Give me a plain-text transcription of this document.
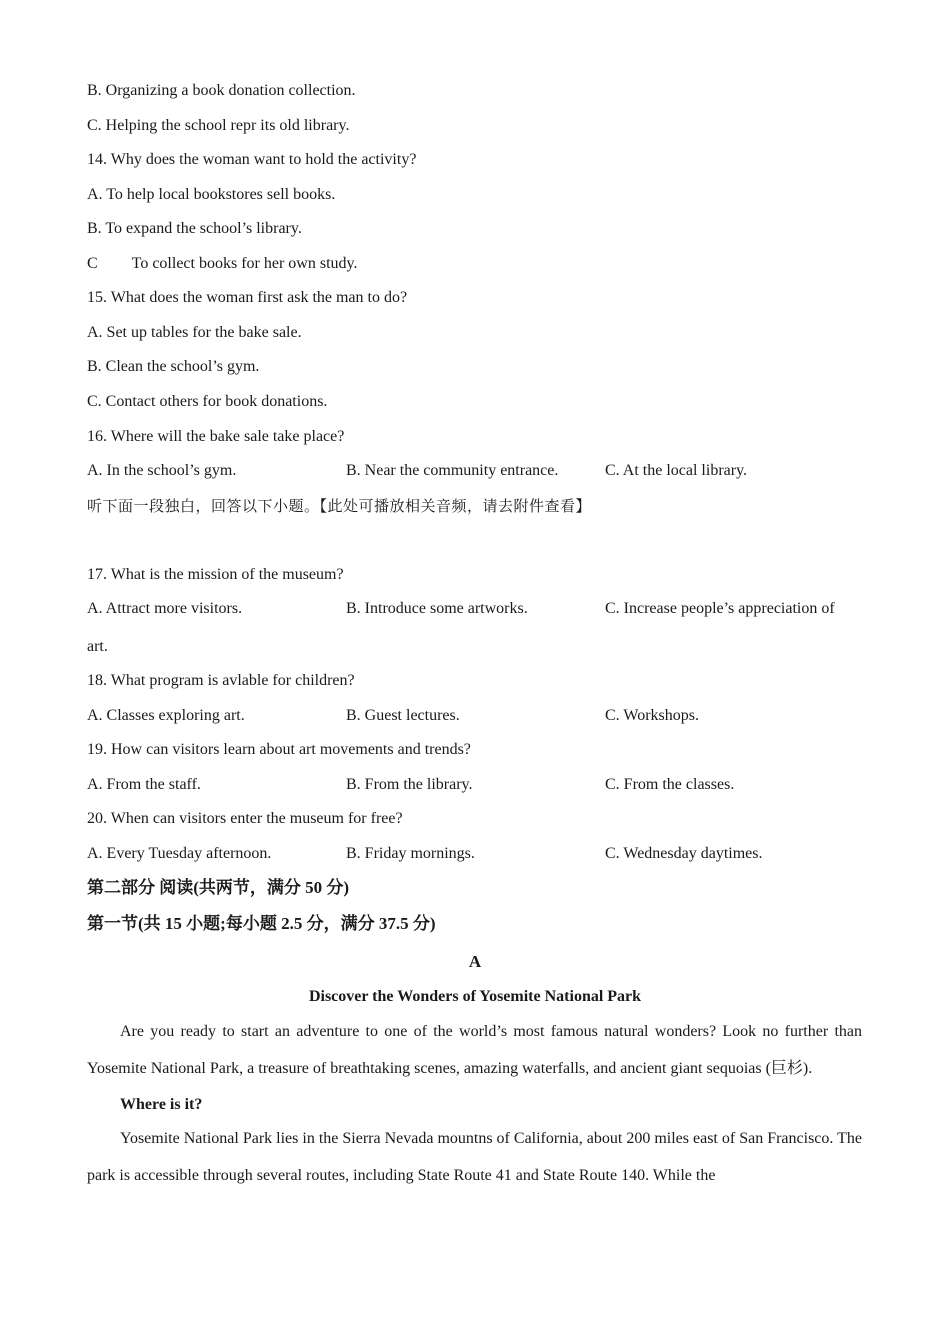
B. Organizing a book donation collection.

C. Helping the school repr its old library.

14. Why does the woman want to hold the activity?

A. To help local bookstores sell books.

B. To expand the school’s library.

C To collect books for her own study.

15. What does the woman first ask the man to do?

A. Set up tables for the bake sale.

B. Clean the school’s gym.

C. Contact others for book donations.

16. Where will the bake sale take place?

A. In the school’s gym.	B. Near the community entrance.	C. At the local library.

听下面一段独白，回答以下小题。【此处可播放相关音频，请去附件查看】

17. What is the mission of the museum?

A. Attract more visitors.	B. Introduce some artworks.	C. Increase people’s appreciation of

art.

18. What program is avlable for children?

A. Classes exploring art.	B. Guest lectures.	C. Workshops.

19. How can visitors learn about art movements and trends?

A. From the staff.	B. From the library.	C. From the classes.

20. When can visitors enter the museum for free?

A. Every Tuesday afternoon.	B. Friday mornings.	C. Wednesday daytimes.

第二部分 阅读(共两节，满分 50 分)

第一节(共 15 小题;每小题 2.5 分，满分 37.5 分)

A

Discover the Wonders of Yosemite National Park

Are you ready to start an adventure to one of the world’s most famous natural wonders? Look no further than Yosemite National Park, a treasure of breathtaking scenes, amazing waterfalls, and ancient giant sequoias (巨杉).

Where is it?

Yosemite National Park lies in the Sierra Nevada mountns of California, about 200 miles east of San Francisco. The park is accessible through several routes, including State Route 41 and State Route 140. While the
